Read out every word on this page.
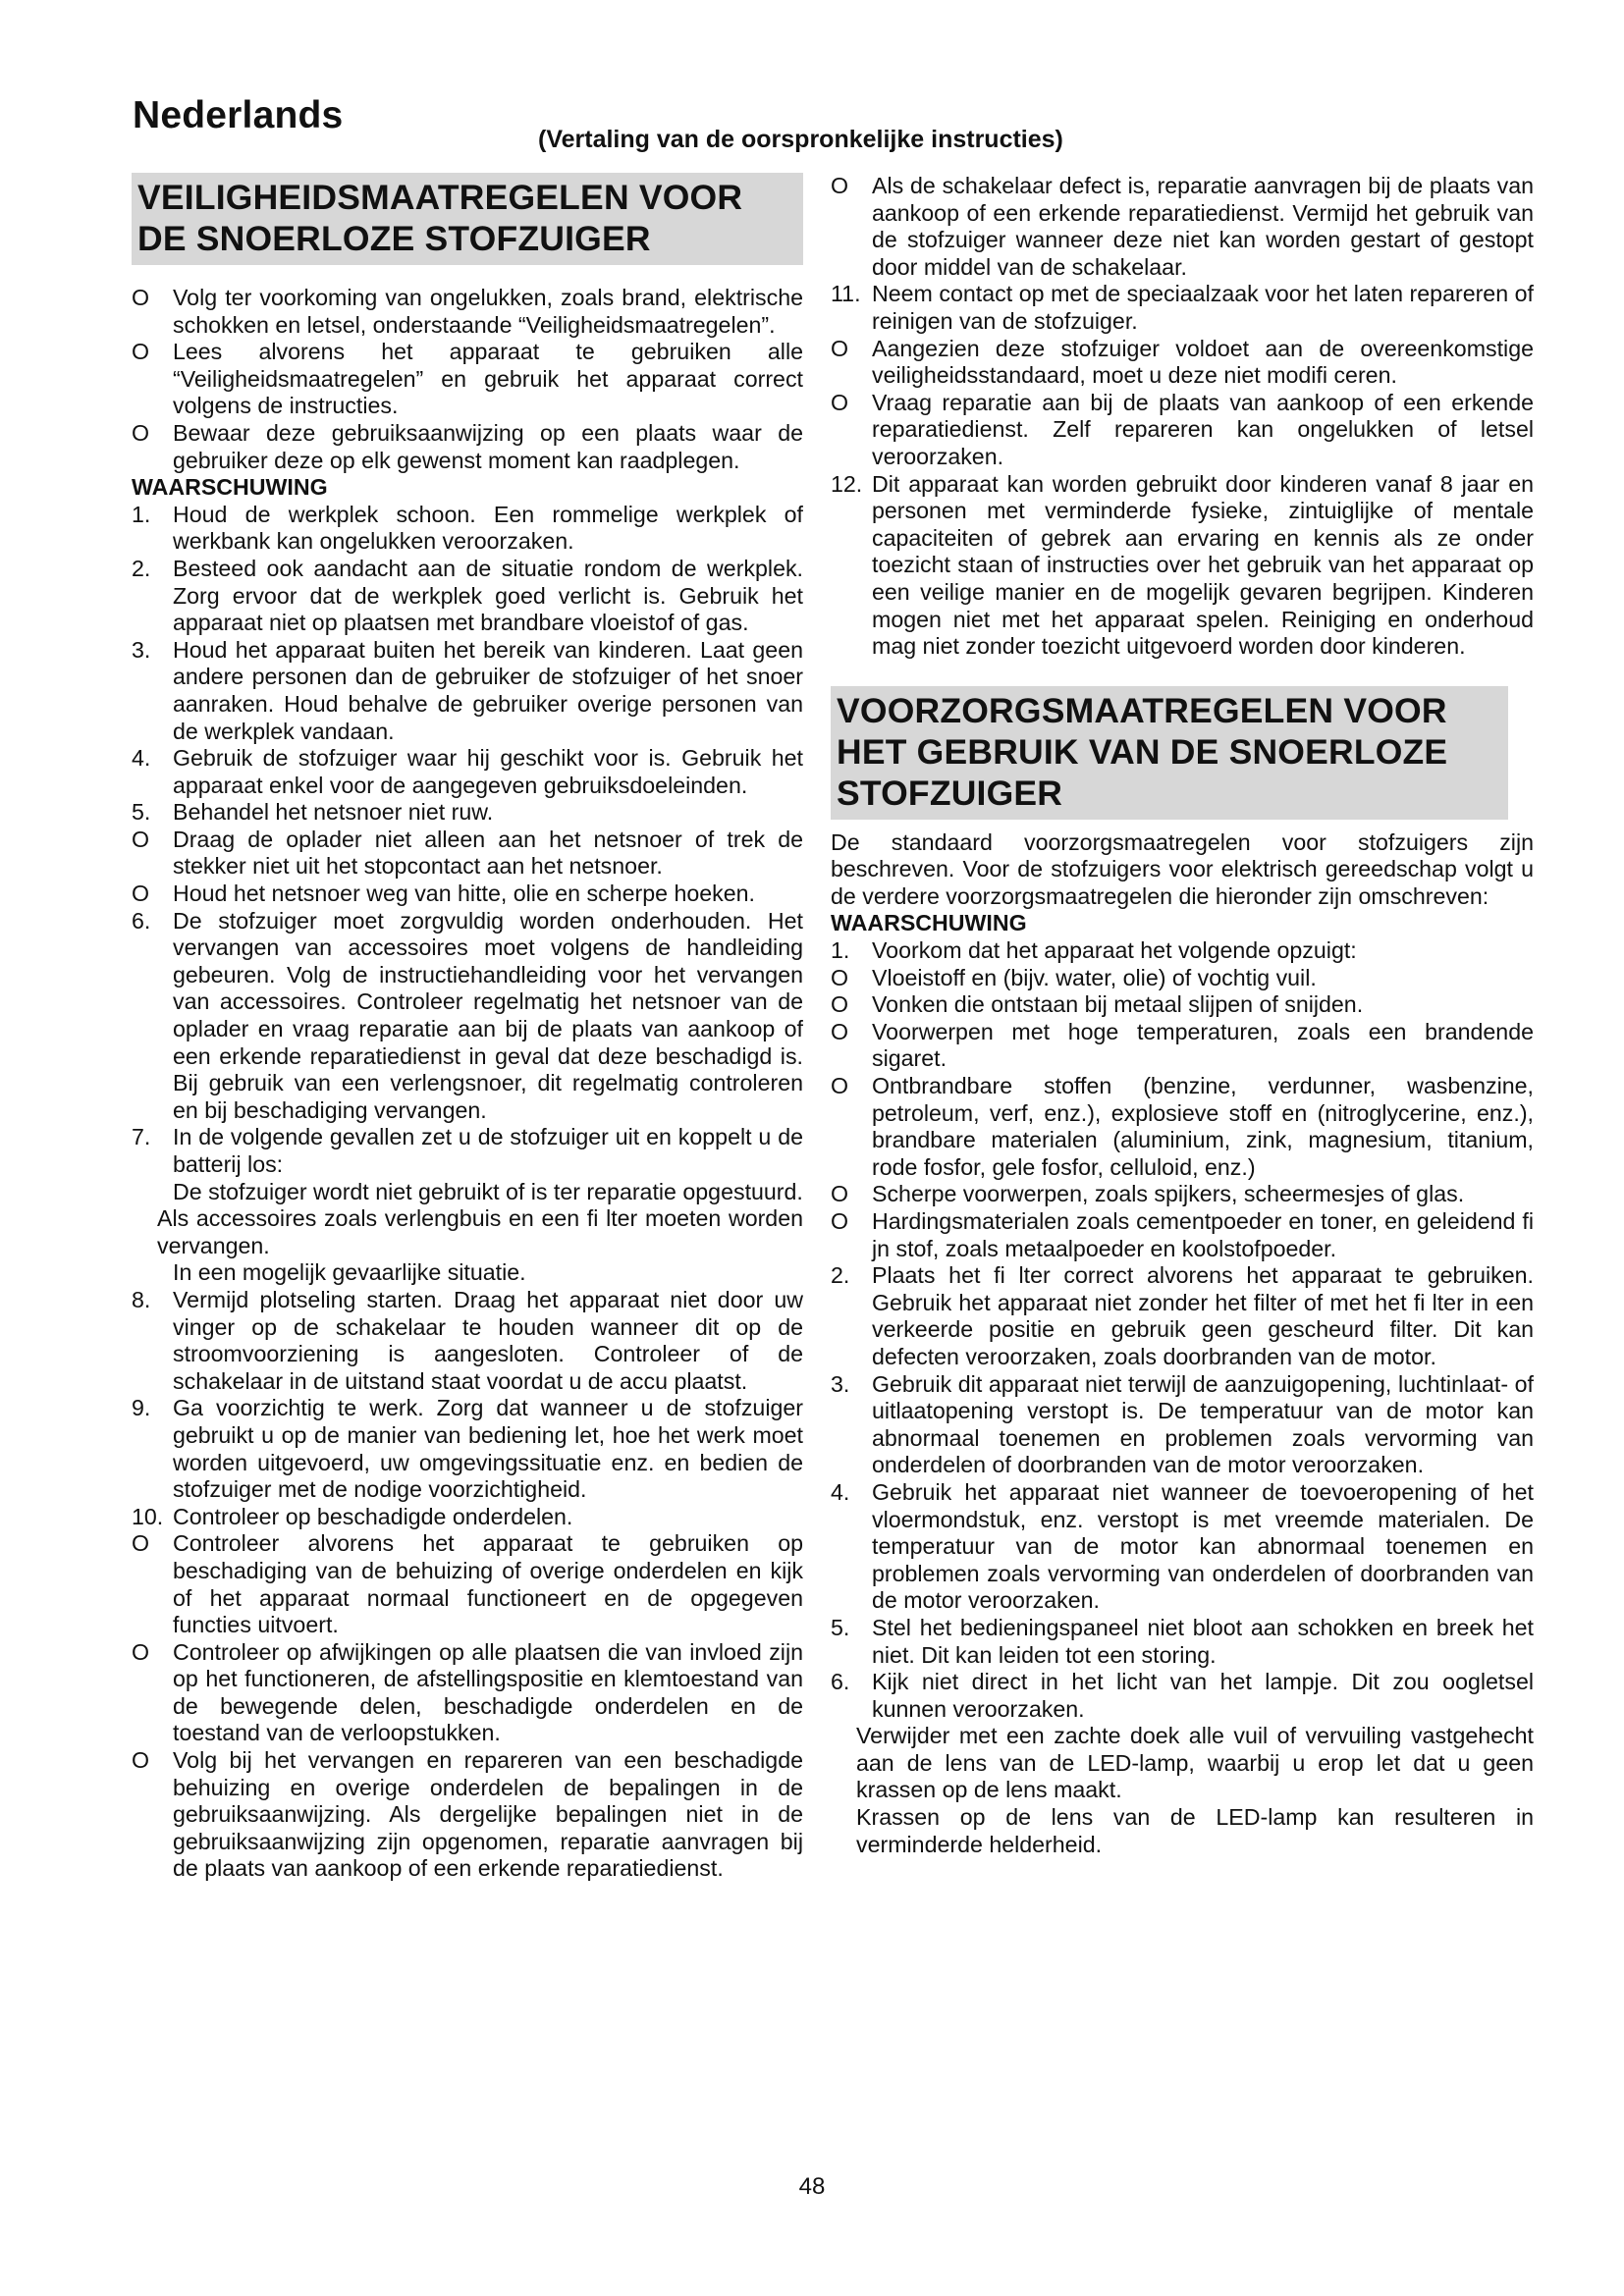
Nederlands
(Vertaling van de oorspronkelijke instructies)
VEILIGHEIDSMAATREGELEN VOOR DE SNOERLOZE STOFZUIGER
O	Volg ter voorkoming van ongelukken, zoals brand, elektrische schokken en letsel, onderstaande “Veiligheidsmaatregelen”.
O	Lees alvorens het apparaat te gebruiken alle “Veiligheidsmaatregelen” en gebruik het apparaat correct volgens de instructies.
O	Bewaar deze gebruiksaanwijzing op een plaats waar de gebruiker deze op elk gewenst moment kan raadplegen.
WAARSCHUWING
1. Houd de werkplek schoon. Een rommelige werkplek of werkbank kan ongelukken veroorzaken.
2. Besteed ook aandacht aan de situatie rondom de werkplek. Zorg ervoor dat de werkplek goed verlicht is. Gebruik het apparaat niet op plaatsen met brandbare vloeistof of gas.
3. Houd het apparaat buiten het bereik van kinderen. Laat geen andere personen dan de gebruiker de stofzuiger of het snoer aanraken. Houd behalve de gebruiker overige personen van de werkplek vandaan.
4. Gebruik de stofzuiger waar hij geschikt voor is. Gebruik het apparaat enkel voor de aangegeven gebruiksdoeleinden.
5. Behandel het netsnoer niet ruw.
O	Draag de oplader niet alleen aan het netsnoer of trek de stekker niet uit het stopcontact aan het netsnoer.
O	Houd het netsnoer weg van hitte, olie en scherpe hoeken.
6. De stofzuiger moet zorgvuldig worden onderhouden. Het vervangen van accessoires moet volgens de handleiding gebeuren. Volg de instructiehandleiding voor het vervangen van accessoires. Controleer regelmatig het netsnoer van de oplader en vraag reparatie aan bij de plaats van aankoop of een erkende reparatiedienst in geval dat deze beschadigd is. Bij gebruik van een verlengsnoer, dit regelmatig controleren en bij beschadiging vervangen.
7. In de volgende gevallen zet u de stofzuiger uit en koppelt u de batterij los:
De stofzuiger wordt niet gebruikt of is ter reparatie opgestuurd.
Als accessoires zoals verlengbuis en een fi lter moeten worden vervangen.
In een mogelijk gevaarlijke situatie.
8. Vermijd plotseling starten. Draag het apparaat niet door uw vinger op de schakelaar te houden wanneer dit op de stroomvoorziening is aangesloten. Controleer of de schakelaar in de uitstand staat voordat u de accu plaatst.
9. Ga voorzichtig te werk. Zorg dat wanneer u de stofzuiger gebruikt u op de manier van bediening let, hoe het werk moet worden uitgevoerd, uw omgevingssituatie enz. en bedien de stofzuiger met de nodige voorzichtigheid.
10. Controleer op beschadigde onderdelen.
O	Controleer alvorens het apparaat te gebruiken op beschadiging van de behuizing of overige onderdelen en kijk of het apparaat normaal functioneert en de opgegeven functies uitvoert.
O	Controleer op afwijkingen op alle plaatsen die van invloed zijn op het functioneren, de afstellingspositie en klemtoestand van de bewegende delen, beschadigde onderdelen en de toestand van de verloopstukken.
O	Volg bij het vervangen en repareren van een beschadigde behuizing en overige onderdelen de bepalingen in de gebruiksaanwijzing. Als dergelijke bepalingen niet in de gebruiksaanwijzing zijn opgenomen, reparatie aanvragen bij de plaats van aankoop of een erkende reparatiedienst.
O	Als de schakelaar defect is, reparatie aanvragen bij de plaats van aankoop of een erkende reparatiedienst. Vermijd het gebruik van de stofzuiger wanneer deze niet kan worden gestart of gestopt door middel van de schakelaar.
11. Neem contact op met de speciaalzaak voor het laten repareren of reinigen van de stofzuiger.
O	Aangezien deze stofzuiger voldoet aan de overeenkomstige veiligheidsstandaard, moet u deze niet modifi ceren.
O	Vraag reparatie aan bij de plaats van aankoop of een erkende reparatiedienst. Zelf repareren kan ongelukken of letsel veroorzaken.
12. Dit apparaat kan worden gebruikt door kinderen vanaf 8 jaar en personen met verminderde fysieke, zintuiglijke of mentale capaciteiten of gebrek aan ervaring en kennis als ze onder toezicht staan of instructies over het gebruik van het apparaat op een veilige manier en de mogelijk gevaren begrijpen. Kinderen mogen niet met het apparaat spelen. Reiniging en onderhoud mag niet zonder toezicht uitgevoerd worden door kinderen.
VOORZORGSMAATREGELEN VOOR HET GEBRUIK VAN DE SNOERLOZE STOFZUIGER
De standaard voorzorgsmaatregelen voor stofzuigers zijn beschreven. Voor de stofzuigers voor elektrisch gereedschap volgt u de verdere voorzorgsmaatregelen die hieronder zijn omschreven:
WAARSCHUWING
1. Voorkom dat het apparaat het volgende opzuigt:
O	Vloeistoff en (bijv. water, olie) of vochtig vuil.
O	Vonken die ontstaan bij metaal slijpen of snijden.
O	Voorwerpen met hoge temperaturen, zoals een brandende sigaret.
O	Ontbrandbare stoffen (benzine, verdunner, wasbenzine, petroleum, verf, enz.), explosieve stoff en (nitroglycerine, enz.), brandbare materialen (aluminium, zink, magnesium, titanium, rode fosfor, gele fosfor, celluloid, enz.)
O	Scherpe voorwerpen, zoals spijkers, scheermesjes of glas.
O	Hardingsmaterialen zoals cementpoeder en toner, en geleidend fi jn stof, zoals metaalpoeder en koolstofpoeder.
2. Plaats het fi lter correct alvorens het apparaat te gebruiken. Gebruik het apparaat niet zonder het filter of met het fi lter in een verkeerde positie en gebruik geen gescheurd filter. Dit kan defecten veroorzaken, zoals doorbranden van de motor.
3. Gebruik dit apparaat niet terwijl de aanzuigopening, luchtinlaat- of uitlaatopening verstopt is. De temperatuur van de motor kan abnormaal toenemen en problemen zoals vervorming van onderdelen of doorbranden van de motor veroorzaken.
4. Gebruik het apparaat niet wanneer de toevoeropening of het vloermondstuk, enz. verstopt is met vreemde materialen. De temperatuur van de motor kan abnormaal toenemen en problemen zoals vervorming van onderdelen of doorbranden van de motor veroorzaken.
5. Stel het bedieningspaneel niet bloot aan schokken en breek het niet. Dit kan leiden tot een storing.
6. Kijk niet direct in het licht van het lampje. Dit zou oogletsel kunnen veroorzaken.
Verwijder met een zachte doek alle vuil of vervuiling vastgehecht aan de lens van de LED-lamp, waarbij u erop let dat u geen krassen op de lens maakt.
Krassen op de lens van de LED-lamp kan resulteren in verminderde helderheid.
48
